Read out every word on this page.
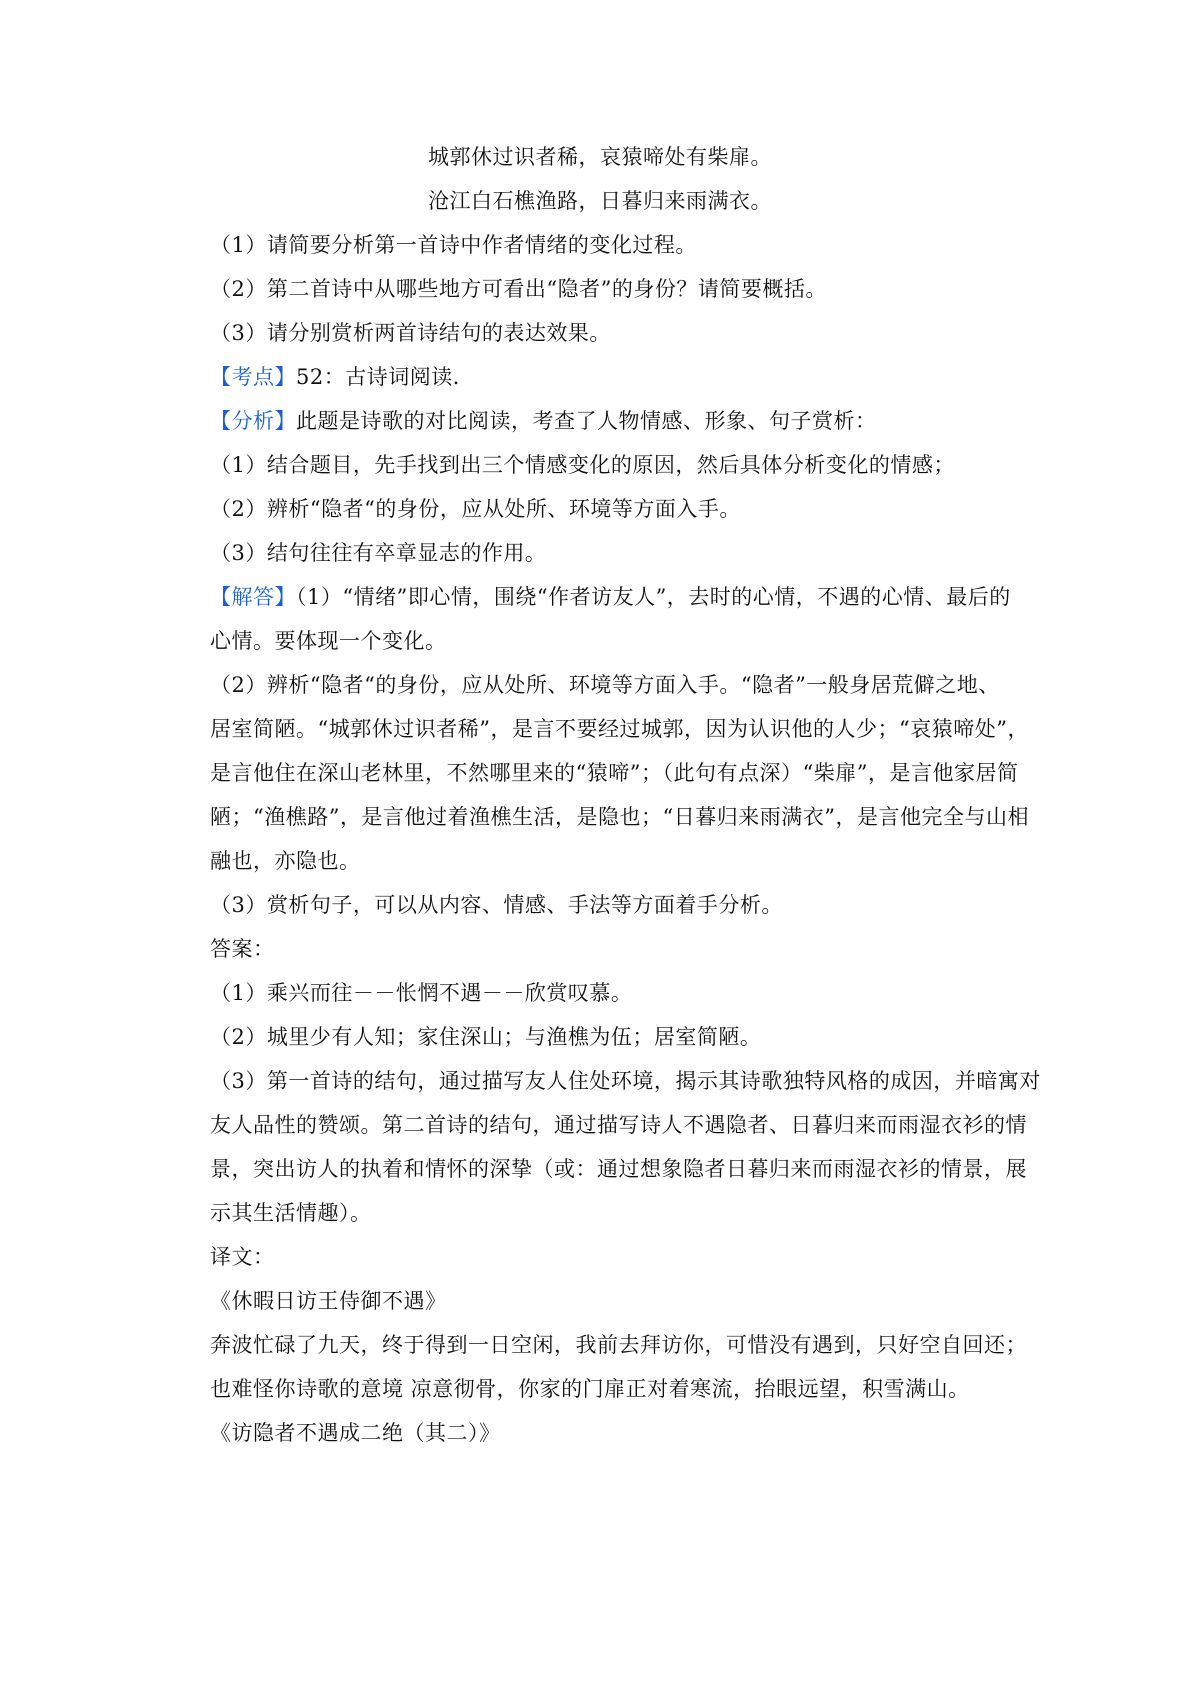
城郭休过识者稀，哀猿啼处有柴扉。
沧江白石樵渔路，日暮归来雨满衣。
（1）请简要分析第一首诗中作者情绪的变化过程。
（2）第二首诗中从哪些地方可看出“隐者”的身份？请简要概括。
（3）请分别赏析两首诗结句的表达效果。
【考点】52：古诗词阅读．
【分析】此题是诗歌的对比阅读，考查了人物情感、形象、句子赏析：
（1）结合题目，先手找到出三个情感变化的原因，然后具体分析变化的情感；
（2）辨析“隐者“的身份，应从处所、环境等方面入手。
（3）结句往往有卒章显志的作用。
【解答】（1）“情绪”即心情，围绕“作者访友人”，去时的心情，不遇的心情、最后的
心情。要体现一个变化。
（2）辨析“隐者“的身份，应从处所、环境等方面入手。“隐者”一般身居荒僻之地、
居室简陋。“城郭休过识者稀”，是言不要经过城郭，因为认识他的人少；“哀猿啼处”，
是言他住在深山老林里，不然哪里来的“猿啼”；（此句有点深）“柴扉”，是言他家居简
陋；“渔樵路”，是言他过着渔樵生活，是隐也；“日暮归来雨满衣”，是言他完全与山相
融也，亦隐也。
（3）赏析句子，可以从内容、情感、手法等方面着手分析。
答案：
（1）乘兴而往－－怅惘不遇－－欣赏叹慕。
（2）城里少有人知；家住深山；与渔樵为伍；居室简陋。
（3）第一首诗的结句，通过描写友人住处环境，揭示其诗歌独特风格的成因，并暗寓对
友人品性的赞颂。第二首诗的结句，通过描写诗人不遇隐者、日暮归来而雨湿衣衫的情
景，突出访人的执着和情怀的深挚（或：通过想象隐者日暮归来而雨湿衣衫的情景，展
示其生活情趣）。
译文：
《休暇日访王侍御不遇》
奔波忙碌了九天，终于得到一日空闲，我前去拜访你，可惜没有遇到，只好空自回还；
也难怪你诗歌的意境 凉意彻骨，你家的门扉正对着寒流，抬眼远望，积雪满山。
《访隐者不遇成二绝（其二）》
